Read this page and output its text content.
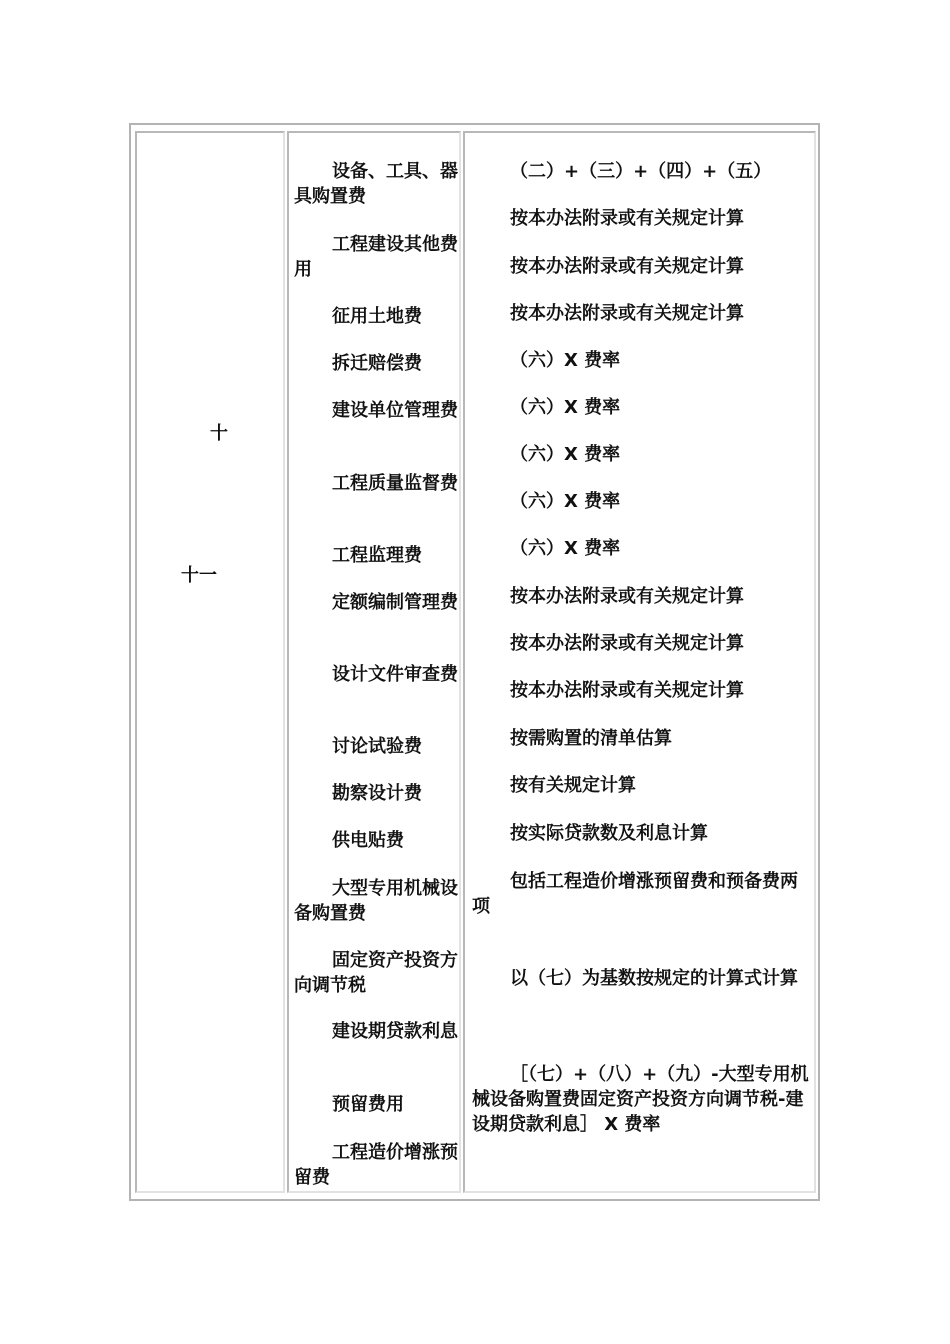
十
十一
设备、工具、器具购置费
工程建设其他费用
征用土地费
拆迁赔偿费
建设单位管理费
工程质量监督费
工程监理费
定额编制管理费
设计文件审查费
讨论试验费
勘察设计费
供电贴费
大型专用机械设备购置费
固定资产投资方向调节税
建设期贷款利息
预留费用
工程造价增涨预留费
（二）+（三）+（四）+（五）
按本办法附录或有关规定计算
按本办法附录或有关规定计算
按本办法附录或有关规定计算
（六）X 费率
（六）X 费率
（六）X 费率
（六）X 费率
（六）X 费率
按本办法附录或有关规定计算
按本办法附录或有关规定计算
按本办法附录或有关规定计算
按需购置的清单估算
按有关规定计算
按实际贷款数及利息计算
包括工程造价增涨预留费和预备费两项
以（七）为基数按规定的计算式计算
［（七）+（八）+（九）-大型专用机械设备购置费固定资产投资方向调节税-建设期贷款利息］ X 费率
